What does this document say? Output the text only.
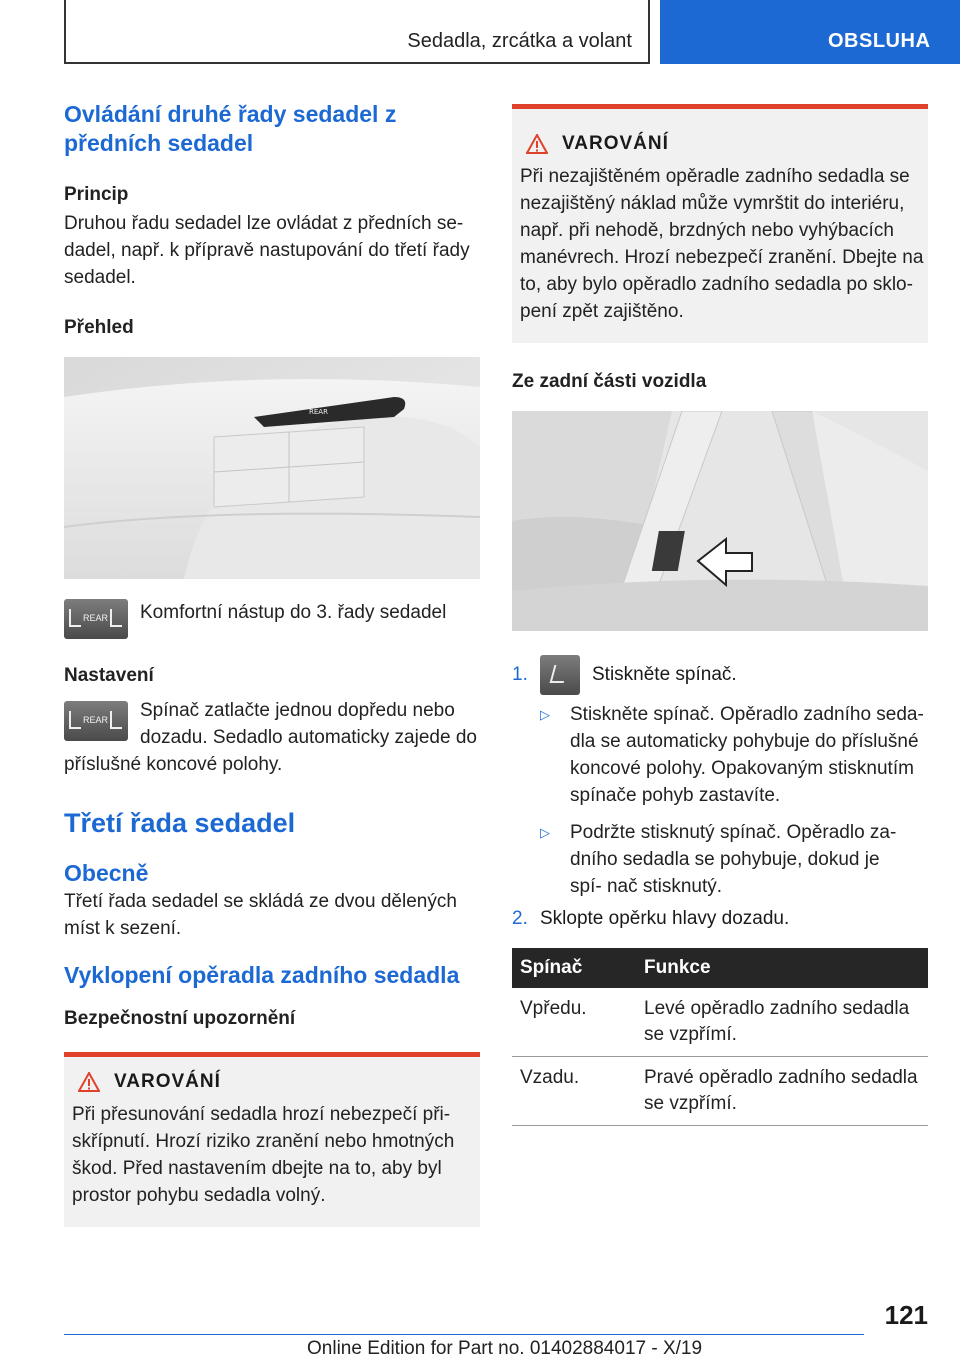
Sedadla, zrcátka a volant	OBSLUHA
Ovládání druhé řady sedadel z předních sedadel
Princip

Druhou řadu sedadel lze ovládat z předních se- dadel, např. k přípravě nastupování do třetí řady sedadel.

Přehled
REAR
REAR Komfortní nástup do 3. řady sedadel

Nastavení
REAR	Spínač zatlačte jednou dopředu nebo

dozadu. Sedadlo automaticky zajede do

příslušné koncové polohy.

Třetí řada sedadel
Obecně

Třetí řada sedadel se skládá ze dvou dělených míst k sezení.

Vyklopení opěradla zadního sedadla
Bezpečnostní upozornění
VAROVÁNÍ

Při přesunování sedadla hrozí nebezpečí při- skřípnutí. Hrozí riziko zranění nebo hmotných škod. Před nastavením dbejte na to, aby byl prostor pohybu sedadla volný.

VAROVÁNÍ

Při nezajištěném opěradle zadního sedadla se nezajištěný náklad může vymrštit do interiéru, např. při nehodě, brzdných nebo vyhýbacích manévrech. Hrozí nebezpečí zranění. Dbejte na to, aby bylo opěradlo zadního sedadla po sklo- pení zpět zajištěno.

Ze zadní části vozidla
1.	Stiskněte spínač.
▷	Stiskněte spínač. Opěradlo zadního seda- dla se automaticky pohybuje do příslušné koncové polohy. Opakovaným stisknutím spínače pohyb zastavíte.

▷	Podržte stisknutý spínač. Opěradlo za- dního sedadla se pohybuje, dokud je spí- nač stisknutý.

2. Sklopte opěrku hlavy dozadu.
Spínač	Funkce
Vpředu.	Levé opěradlo zadního sedadla se vzpřímí.
Vzadu.	Pravé opěradlo zadního sedadla se vzpřímí.
121
Online Edition for Part no. 01402884017 - X/19
